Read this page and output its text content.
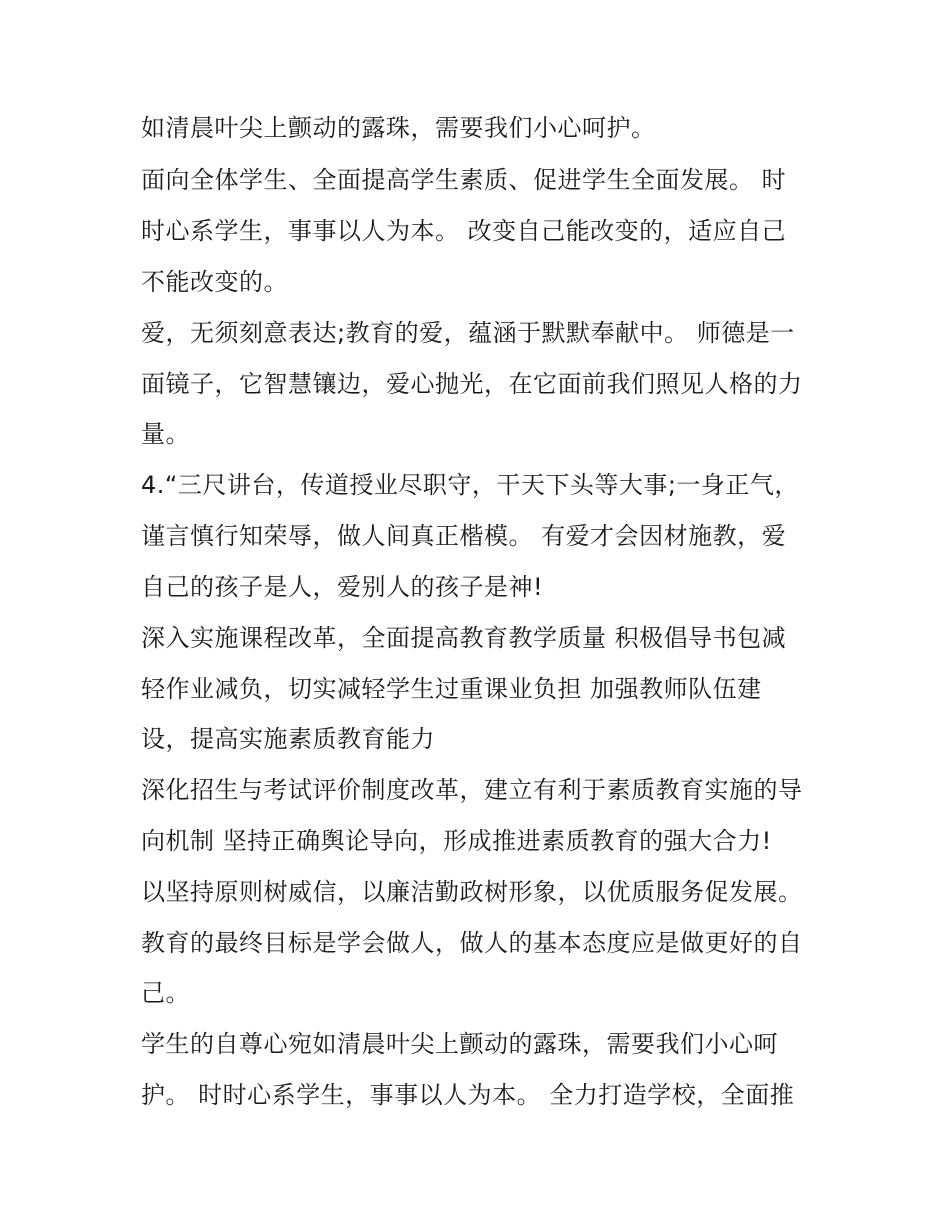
如清晨叶尖上颤动的露珠，需要我们小心呵护。
面向全体学生、全面提高学生素质、促进学生全面发展。 时
时心系学生，事事以人为本。 改变自己能改变的，适应自己
不能改变的。
爱，无须刻意表达;教育的爱，蕴涵于默默奉献中。 师德是一
面镜子，它智慧镶边，爱心抛光，在它面前我们照见人格的力
量。
4.“三尺讲台，传道授业尽职守，干天下头等大事;一身正气，
谨言慎行知荣辱，做人间真正楷模。 有爱才会因材施教，爱
自己的孩子是人，爱别人的孩子是神!
深入实施课程改革，全面提高教育教学质量 积极倡导书包减
轻作业减负，切实减轻学生过重课业负担 加强教师队伍建
设，提高实施素质教育能力
深化招生与考试评价制度改革，建立有利于素质教育实施的导
向机制 坚持正确舆论导向，形成推进素质教育的强大合力!
以坚持原则树威信，以廉洁勤政树形象，以优质服务促发展。
教育的最终目标是学会做人，做人的基本态度应是做更好的自
己。
学生的自尊心宛如清晨叶尖上颤动的露珠，需要我们小心呵
护。 时时心系学生，事事以人为本。 全力打造学校，全面推
